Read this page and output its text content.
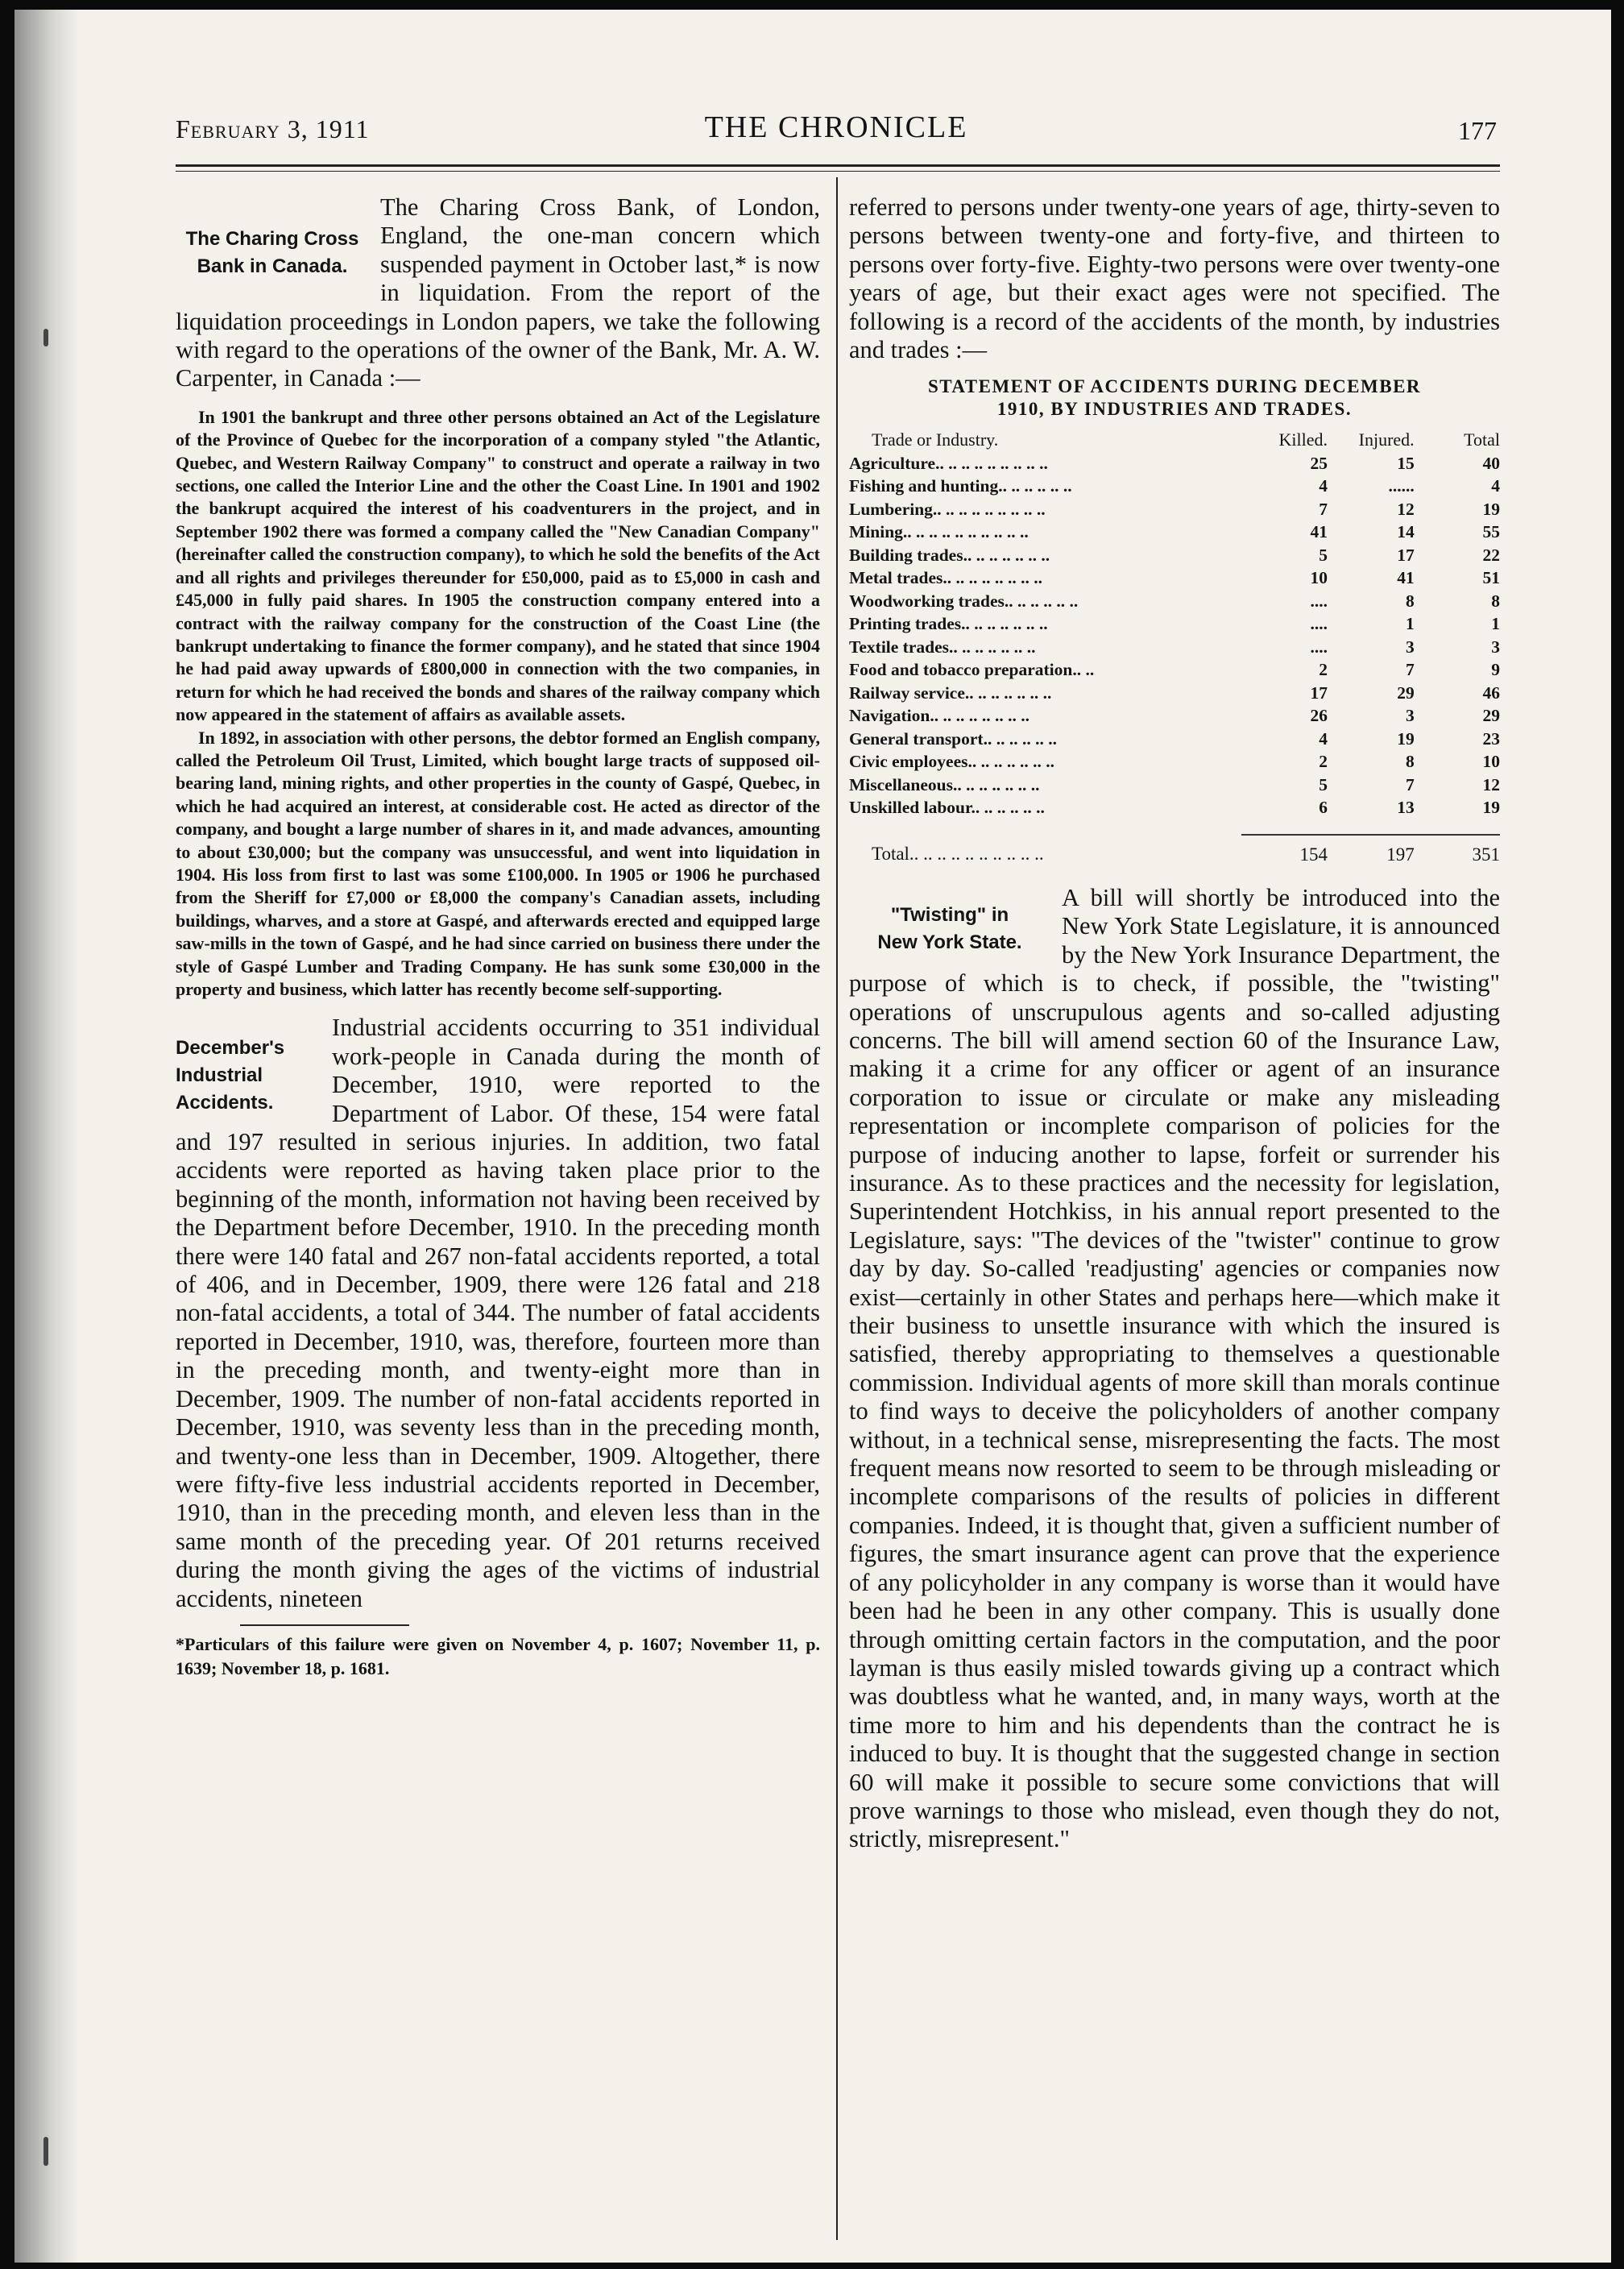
February 3, 1911	THE CHRONICLE	177
The Charing Cross
Bank in Canada.

The Charing Cross Bank, of London, England, the one-man concern which suspended payment in October last,* is now in liquidation. From the report of the liquidation proceedings in London papers, we take the following with regard to the operations of the owner of the Bank, Mr. A. W. Carpenter, in Canada :—

In 1901 the bankrupt and three other persons obtained an Act of the Legislature of the Province of Quebec for the incorporation of a company styled "the Atlantic, Quebec, and Western Railway Company" to construct and operate a railway in two sections, one called the Interior Line and the other the Coast Line. In 1901 and 1902 the bankrupt acquired the interest of his coadventurers in the project, and in September 1902 there was formed a company called the "New Canadian Company" (hereinafter called the construction company), to which he sold the benefits of the Act and all rights and privileges thereunder for £50,000, paid as to £5,000 in cash and £45,000 in fully paid shares. In 1905 the construction company entered into a contract with the railway company for the construction of the Coast Line (the bankrupt undertaking to finance the former company), and he stated that since 1904 he had paid away upwards of £800,000 in connection with the two companies, in return for which he had received the bonds and shares of the railway company which now appeared in the statement of affairs as available assets.

In 1892, in association with other persons, the debtor formed an English company, called the Petroleum Oil Trust, Limited, which bought large tracts of supposed oil-bearing land, mining rights, and other properties in the county of Gaspé, Quebec, in which he had acquired an interest, at considerable cost. He acted as director of the company, and bought a large number of shares in it, and made advances, amounting to about £30,000; but the company was unsuccessful, and went into liquidation in 1904. His loss from first to last was some £100,000. In 1905 or 1906 he purchased from the Sheriff for £7,000 or £8,000 the company's Canadian assets, including buildings, wharves, and a store at Gaspé, and afterwards erected and equipped large saw-mills in the town of Gaspé, and he had since carried on business there under the style of Gaspé Lumber and Trading Company. He has sunk some £30,000 in the property and business, which latter has recently become self-supporting.

December's
Industrial
Accidents.

Industrial accidents occurring to 351 individual work-people in Canada during the month of December, 1910, were reported to the Department of Labor. Of these, 154 were fatal and 197 resulted in serious injuries. In addition, two fatal accidents were reported as having taken place prior to the beginning of the month, information not having been received by the Department before December, 1910. In the preceding month there were 140 fatal and 267 non-fatal accidents reported, a total of 406, and in December, 1909, there were 126 fatal and 218 non-fatal accidents, a total of 344. The number of fatal accidents reported in December, 1910, was, therefore, fourteen more than in the preceding month, and twenty-eight more than in December, 1909. The number of non-fatal accidents reported in December, 1910, was seventy less than in the preceding month, and twenty-one less than in December, 1909. Altogether, there were fifty-five less industrial accidents reported in December, 1910, than in the preceding month, and eleven less than in the same month of the preceding year. Of 201 returns received during the month giving the ages of the victims of industrial accidents, nineteen

*Particulars of this failure were given on November 4, p. 1607; November 11, p. 1639; November 18, p. 1681.

referred to persons under twenty-one years of age, thirty-seven to persons between twenty-one and forty-five, and thirteen to persons over forty-five. Eighty-two persons were over twenty-one years of age, but their exact ages were not specified. The following is a record of the accidents of the month, by industries and trades :—

STATEMENT OF ACCIDENTS DURING DECEMBER
1910, BY INDUSTRIES AND TRADES.
Trade or Industry.	Killed.	Injured.	Total
Agriculture.. .. .. .. .. .. .. .. ..	25	15	40
Fishing and hunting.. .. .. .. .. ..	4	......	4
Lumbering.. .. .. .. .. .. .. .. ..	7	12	19
Mining.. .. .. .. .. .. .. .. .. ..	41	14	55
Building trades.. .. .. .. .. .. ..	5	17	22
Metal trades.. .. .. .. .. .. .. ..	10	41	51
Woodworking trades.. .. .. .. .. ..	....	8	8
Printing trades.. .. .. .. .. .. ..	....	1	1
Textile trades.. .. .. .. .. .. ..	....	3	3
Food and tobacco preparation.. ..	2	7	9
Railway service.. .. .. .. .. .. ..	17	29	46
Navigation.. .. .. .. .. .. .. ..	26	3	29
General transport.. .. .. .. .. ..	4	19	23
Civic employees.. .. .. .. .. .. ..	2	8	10
Miscellaneous.. .. .. .. .. .. ..	5	7	12
Unskilled labour.. .. .. .. .. ..	6	13	19

Total.. .. .. .. .. .. .. .. .. ..	154	197	351
"Twisting" in
New York State.

A bill will shortly be introduced into the New York State Legislature, it is announced by the New York Insurance Department, the purpose of which is to check, if possible, the "twisting" operations of unscrupulous agents and so-called adjusting concerns. The bill will amend section 60 of the Insurance Law, making it a crime for any officer or agent of an insurance corporation to issue or circulate or make any misleading representation or incomplete comparison of policies for the purpose of inducing another to lapse, forfeit or surrender his insurance. As to these practices and the necessity for legislation, Superintendent Hotchkiss, in his annual report presented to the Legislature, says: "The devices of the "twister" continue to grow day by day. So-called 'readjusting' agencies or companies now exist—certainly in other States and perhaps here—which make it their business to unsettle insurance with which the insured is satisfied, thereby appropriating to themselves a questionable commission. Individual agents of more skill than morals continue to find ways to deceive the policyholders of another company without, in a technical sense, misrepresenting the facts. The most frequent means now resorted to seem to be through misleading or incomplete comparisons of the results of policies in different companies. Indeed, it is thought that, given a sufficient number of figures, the smart insurance agent can prove that the experience of any policyholder in any company is worse than it would have been had he been in any other company. This is usually done through omitting certain factors in the computation, and the poor layman is thus easily misled towards giving up a contract which was doubtless what he wanted, and, in many ways, worth at the time more to him and his dependents than the contract he is induced to buy. It is thought that the suggested change in section 60 will make it possible to secure some convictions that will prove warnings to those who mislead, even though they do not, strictly, misrepresent."
